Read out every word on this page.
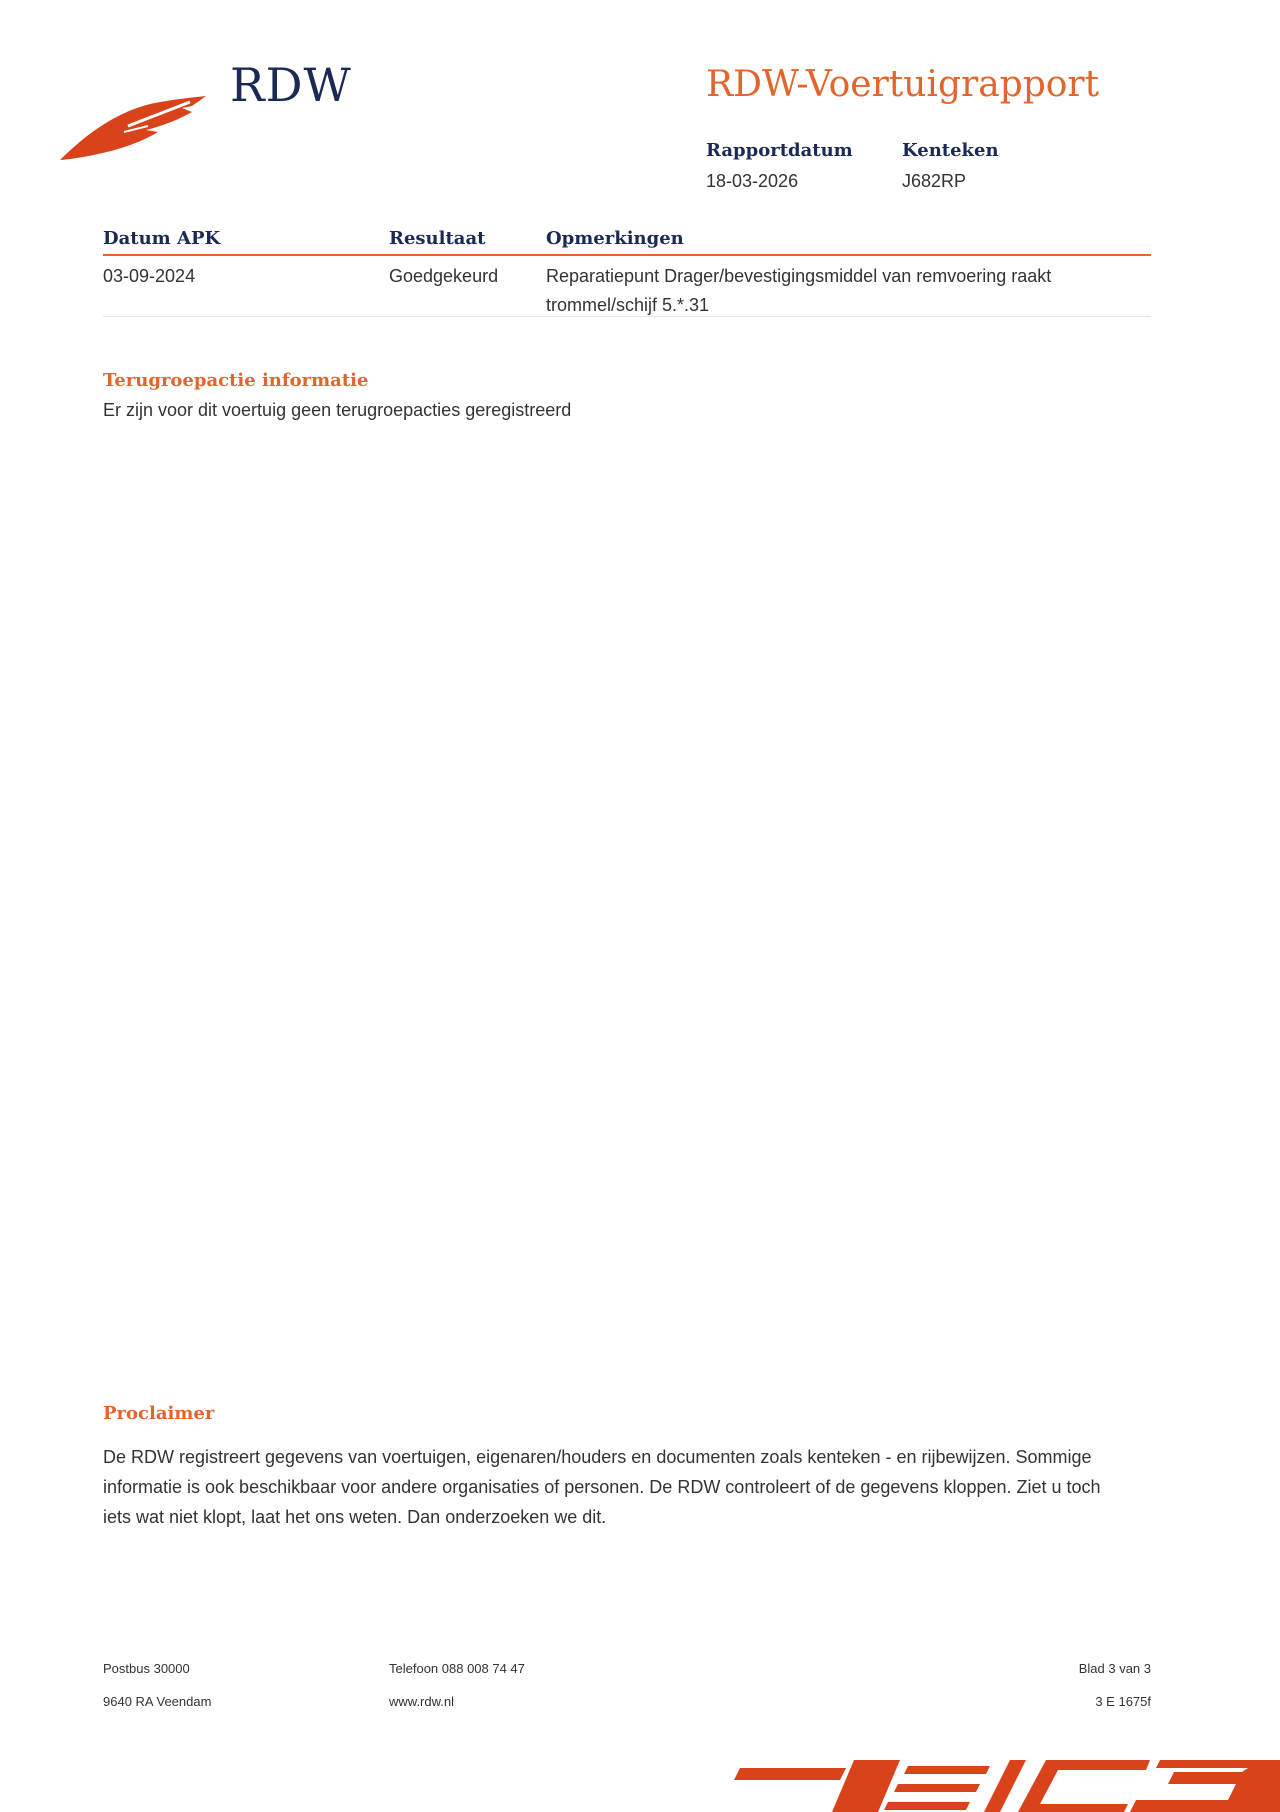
RDW	RDW-Voertuigrapport
Rapportdatum
18-03-2026
Kenteken
J682RP
Datum APK	Resultaat	Opmerkingen
03-09-2024	Goedgekeurd	Reparatiepunt Drager/bevestigingsmiddel van remvoering raakt trommel/schijf 5.*.31
Terugroepactie informatie
Er zijn voor dit voertuig geen terugroepacties geregistreerd
Proclaimer
De RDW registreert gegevens van voertuigen, eigenaren/houders en documenten zoals kenteken - en rijbewijzen. Sommige informatie is ook beschikbaar voor andere organisaties of personen. De RDW controleert of de gegevens kloppen. Ziet u toch iets wat niet klopt, laat het ons weten. Dan onderzoeken we dit.
Postbus 30000
9640 RA Veendam
Telefoon 088 008 74 47
www.rdw.nl
Blad 3 van 3
3 E 1675f
